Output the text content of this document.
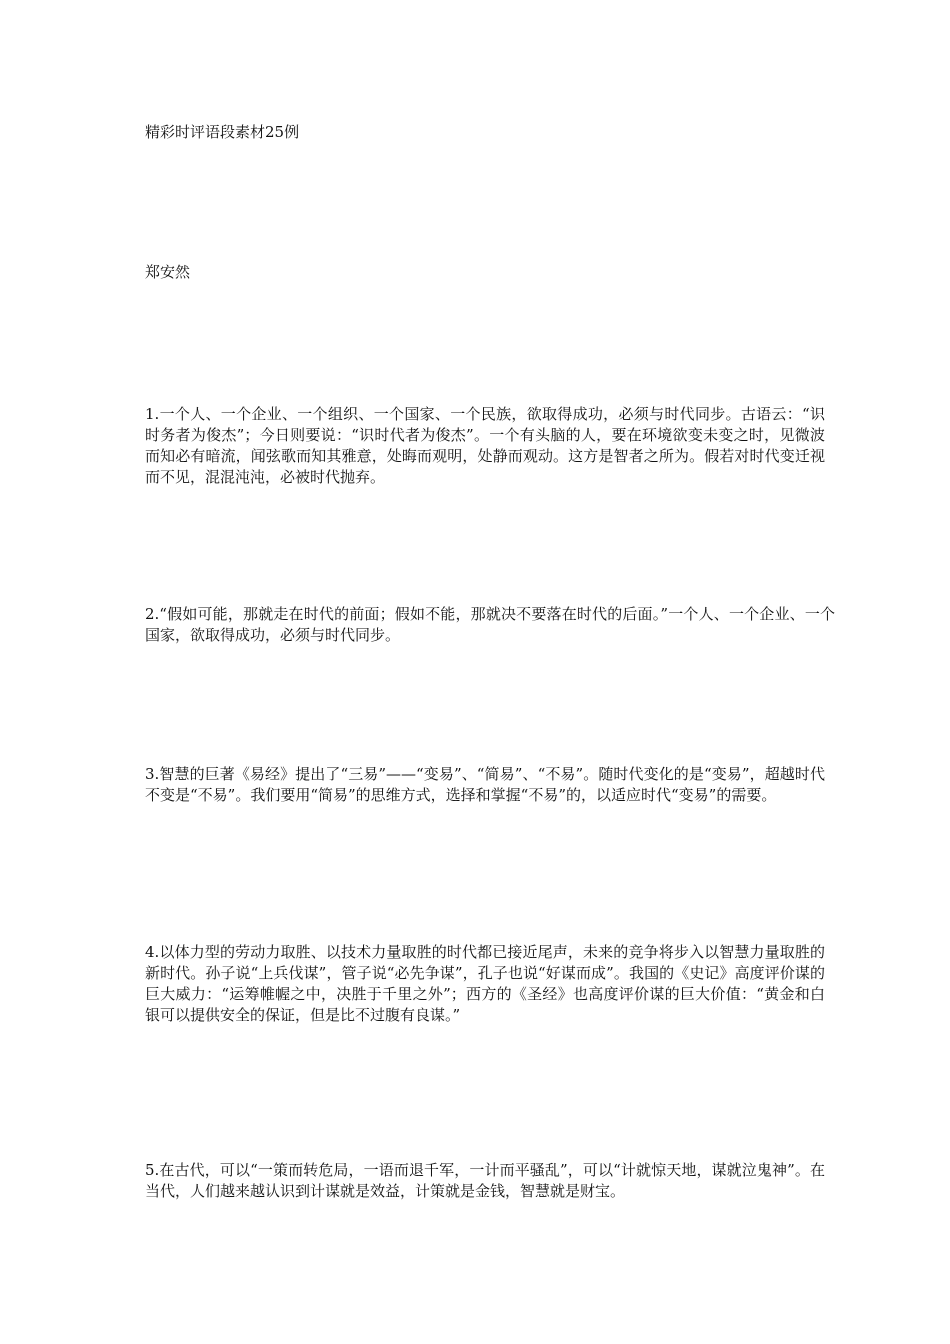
精彩时评语段素材25例

郑安然

1.一个人、一个企业、一个组织、一个国家、一个民族，欲取得成功，必须与时代同步。古语云：“识时务者为俊杰”；今日则要说：“识时代者为俊杰”。一个有头脑的人，要在环境欲变未变之时，见微波而知必有暗流，闻弦歌而知其雅意，处晦而观明，处静而观动。这方是智者之所为。假若对时代变迁视而不见，混混沌沌，必被时代抛弃。

2.“假如可能，那就走在时代的前面；假如不能，那就决不要落在时代的后面。”一个人、一个企业、一个国家，欲取得成功，必须与时代同步。

3.智慧的巨著《易经》提出了“三易”——“变易”、“简易”、“不易”。随时代变化的是“变易”，超越时代不变是“不易”。我们要用“简易”的思维方式，选择和掌握“不易”的，以适应时代“变易”的需要。

4.以体力型的劳动力取胜、以技术力量取胜的时代都已接近尾声，未来的竞争将步入以智慧力量取胜的新时代。孙子说“上兵伐谋”，管子说“必先争谋”，孔子也说“好谋而成”。我国的《史记》高度评价谋的巨大威力：“运筹帷幄之中，决胜于千里之外”；西方的《圣经》也高度评价谋的巨大价值：“黄金和白银可以提供安全的保证，但是比不过腹有良谋。”

5.在古代，可以“一策而转危局，一语而退千军，一计而平骚乱”，可以“计就惊天地，谋就泣鬼神”。在当代，人们越来越认识到计谋就是效益，计策就是金钱，智慧就是财宝。
